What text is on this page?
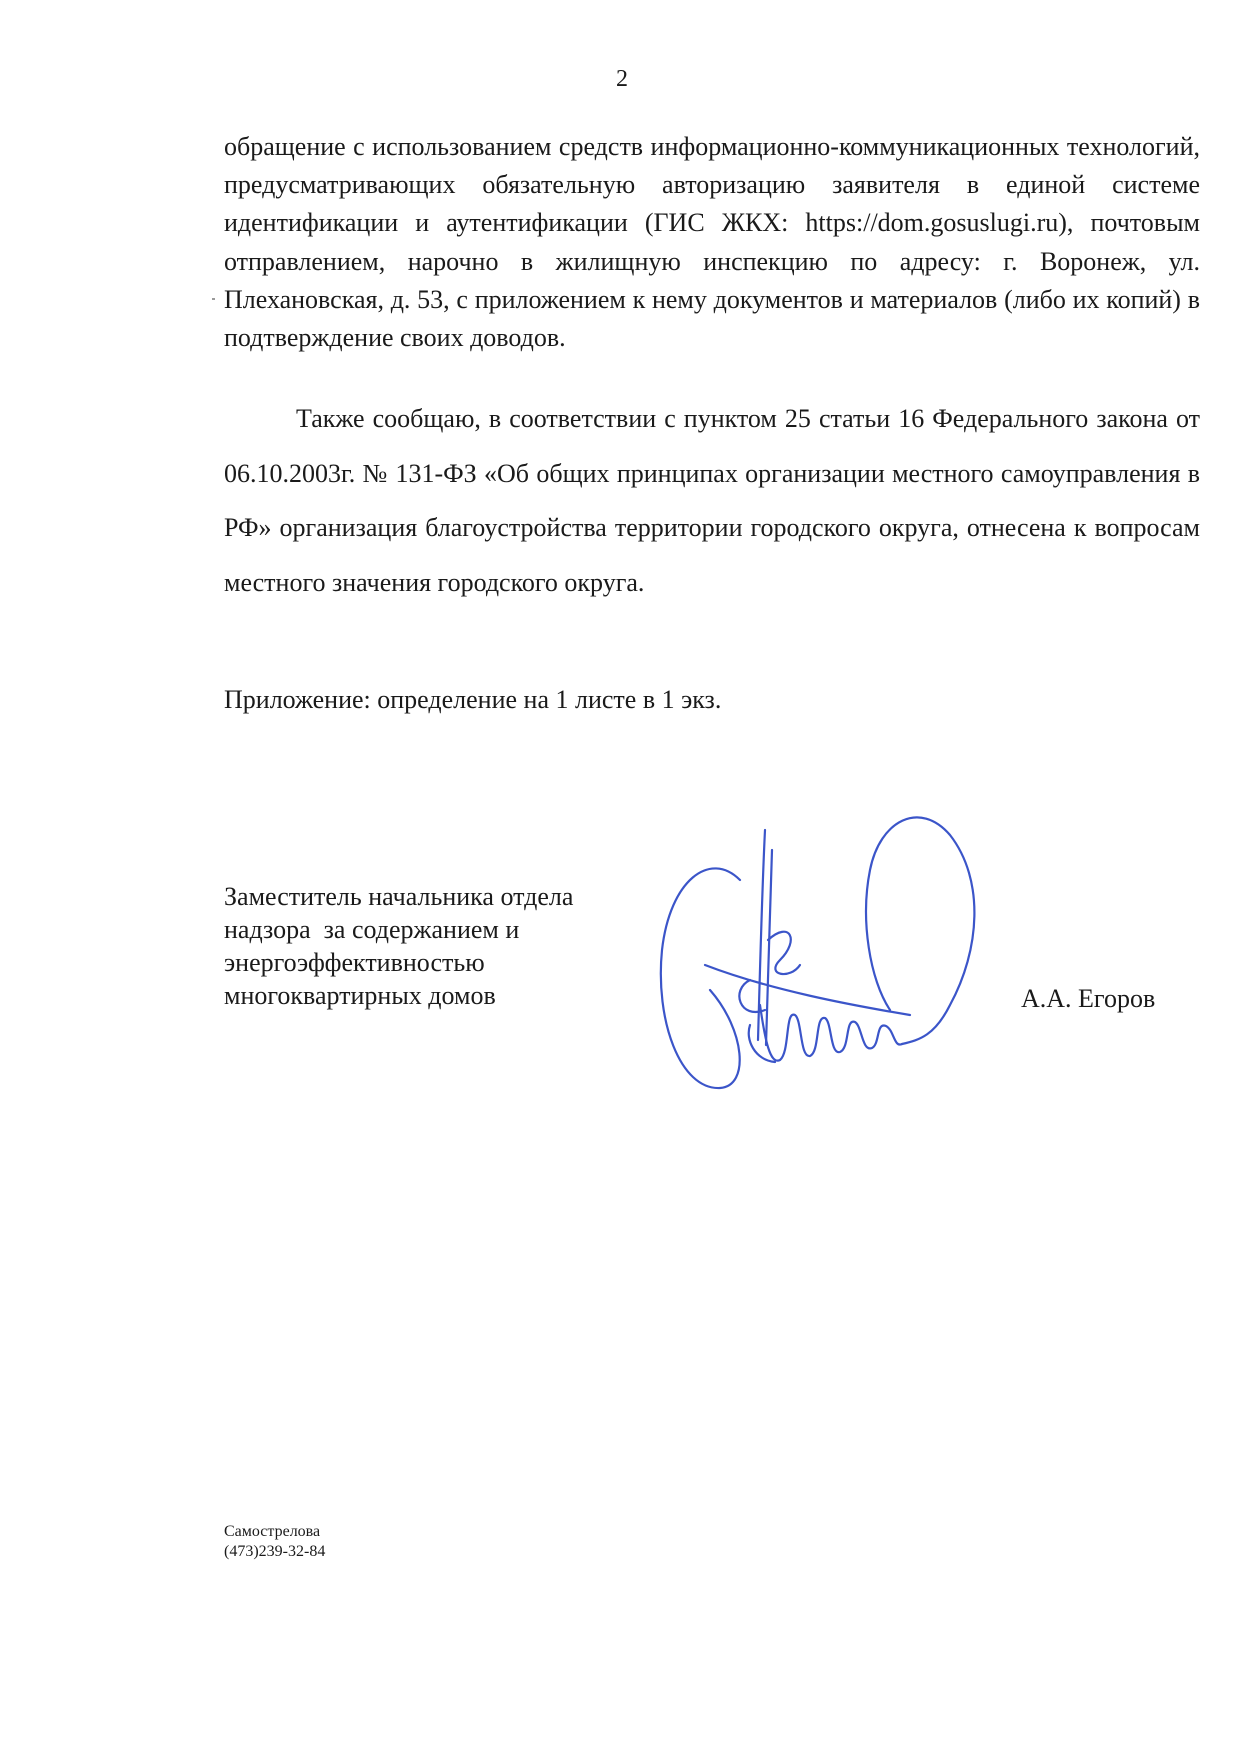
2

обращение с использованием средств информационно-коммуникационных технологий, предусматривающих обязательную авторизацию заявителя в единой системе идентификации и аутентификации (ГИС ЖКХ: https://dom.gosuslugi.ru), почтовым отправлением, нарочно в жилищную инспекцию по адресу: г. Воронеж, ул. Плехановская, д. 53, с приложением к нему документов и материалов (либо их копий) в подтверждение своих доводов.

Также сообщаю, в соответствии с пунктом 25 статьи 16 Федерального закона от 06.10.2003г. № 131-ФЗ «Об общих принципах организации местного самоуправления в РФ» организация благоустройства территории городского округа, отнесена к вопросам местного значения городского округа.

Приложение: определение на 1 листе в 1 экз.

Заместитель начальника отдела
надзора  за содержанием и
энергоэффективностью
многоквартирных домов	А.А. Егоров
Самострелова
(473)239-32-84
